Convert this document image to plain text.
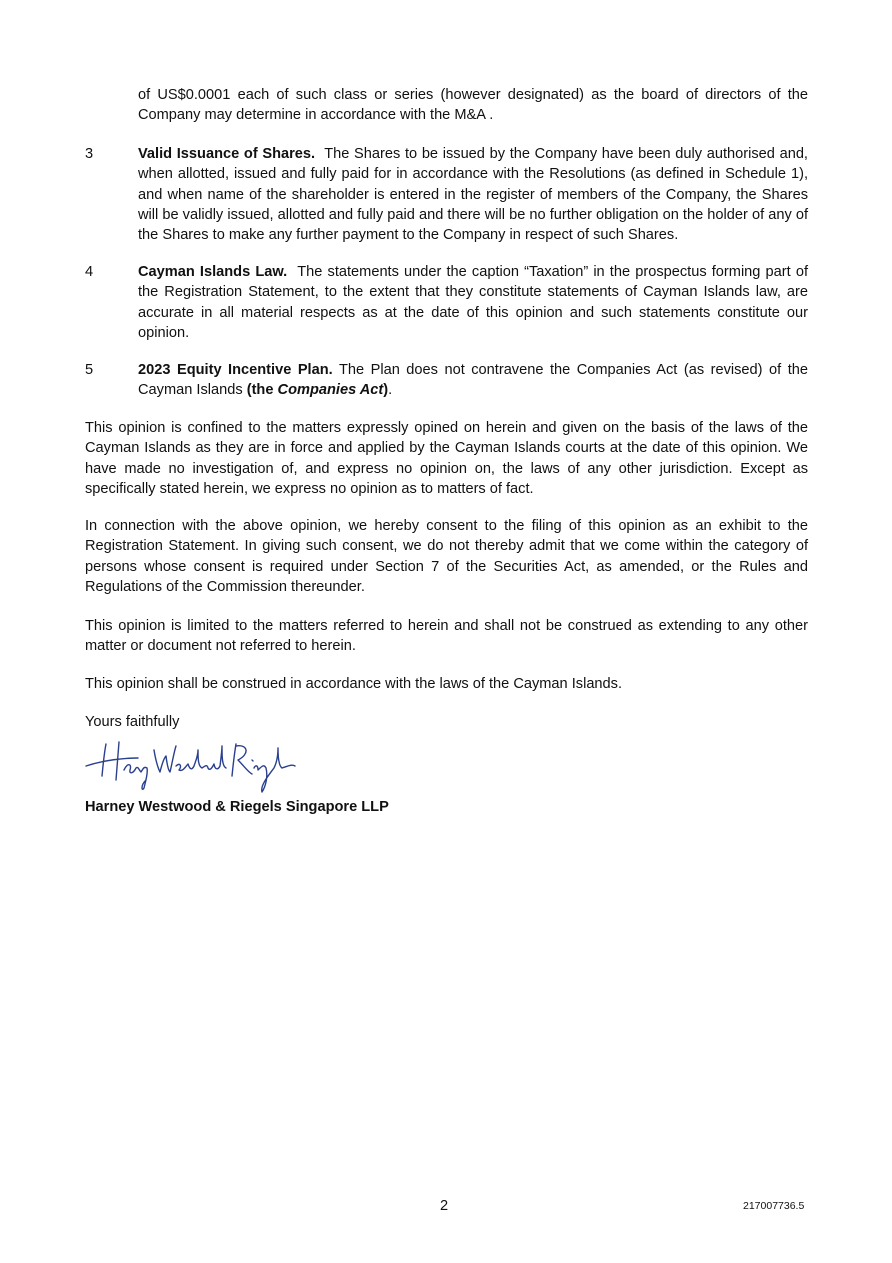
of US$0.0001 each of such class or series (however designated) as the board of directors of the Company may determine in accordance with the M&A .
3	Valid Issuance of Shares. The Shares to be issued by the Company have been duly authorised and, when allotted, issued and fully paid for in accordance with the Resolutions (as defined in Schedule 1), and when name of the shareholder is entered in the register of members of the Company, the Shares will be validly issued, allotted and fully paid and there will be no further obligation on the holder of any of the Shares to make any further payment to the Company in respect of such Shares.
4	Cayman Islands Law. The statements under the caption “Taxation” in the prospectus forming part of the Registration Statement, to the extent that they constitute statements of Cayman Islands law, are accurate in all material respects as at the date of this opinion and such statements constitute our opinion.
5	2023 Equity Incentive Plan. The Plan does not contravene the Companies Act (as revised) of the Cayman Islands (the Companies Act).
This opinion is confined to the matters expressly opined on herein and given on the basis of the laws of the Cayman Islands as they are in force and applied by the Cayman Islands courts at the date of this opinion. We have made no investigation of, and express no opinion on, the laws of any other jurisdiction. Except as specifically stated herein, we express no opinion as to matters of fact.
In connection with the above opinion, we hereby consent to the filing of this opinion as an exhibit to the Registration Statement. In giving such consent, we do not thereby admit that we come within the category of persons whose consent is required under Section 7 of the Securities Act, as amended, or the Rules and Regulations of the Commission thereunder.
This opinion is limited to the matters referred to herein and shall not be construed as extending to any other matter or document not referred to herein.
This opinion shall be construed in accordance with the laws of the Cayman Islands.
Yours faithfully
Harney Westwood Riegels
Harney Westwood & Riegels Singapore LLP
2	217007736.5
